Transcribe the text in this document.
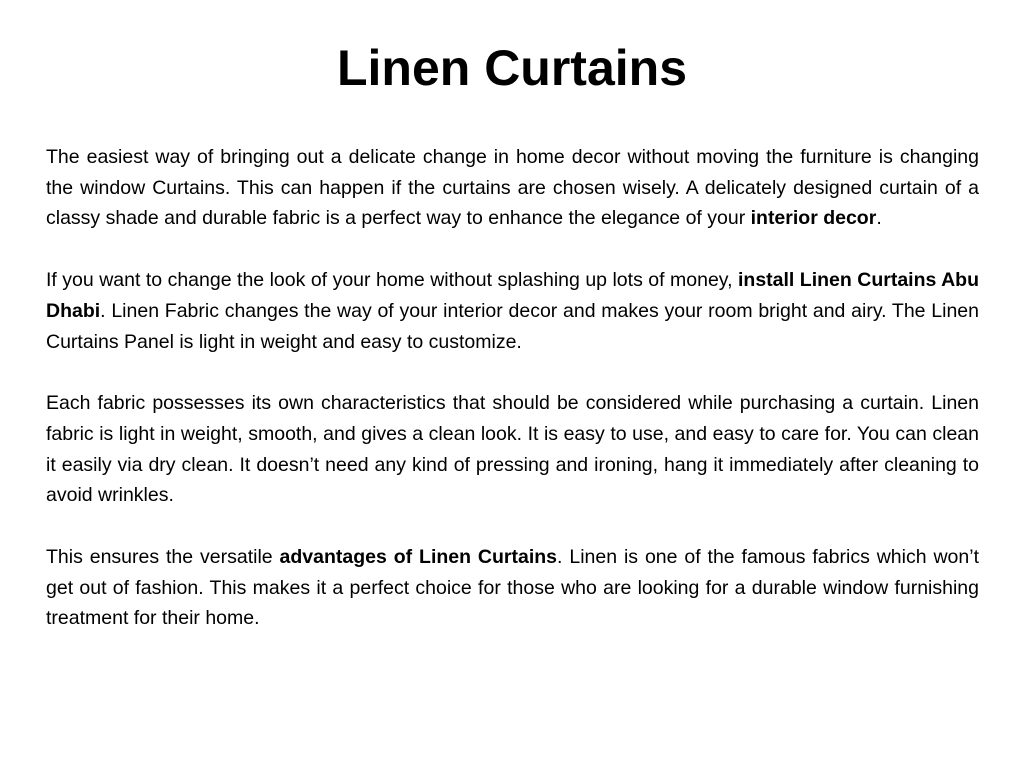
Linen Curtains

The easiest way of bringing out a delicate change in home decor without moving the furniture is changing the window Curtains. This can happen if the curtains are chosen wisely. A delicately designed curtain of a classy shade and durable fabric is a perfect way to enhance the elegance of your interior decor.

If you want to change the look of your home without splashing up lots of money, install Linen Curtains Abu Dhabi. Linen Fabric changes the way of your interior decor and makes your room bright and airy. The Linen Curtains Panel is light in weight and easy to customize.

Each fabric possesses its own characteristics that should be considered while purchasing a curtain. Linen fabric is light in weight, smooth, and gives a clean look. It is easy to use, and easy to care for. You can clean it easily via dry clean. It doesn’t need any kind of pressing and ironing, hang it immediately after cleaning to avoid wrinkles.

This ensures the versatile advantages of Linen Curtains. Linen is one of the famous fabrics which won’t get out of fashion. This makes it a perfect choice for those who are looking for a durable window furnishing treatment for their home.
